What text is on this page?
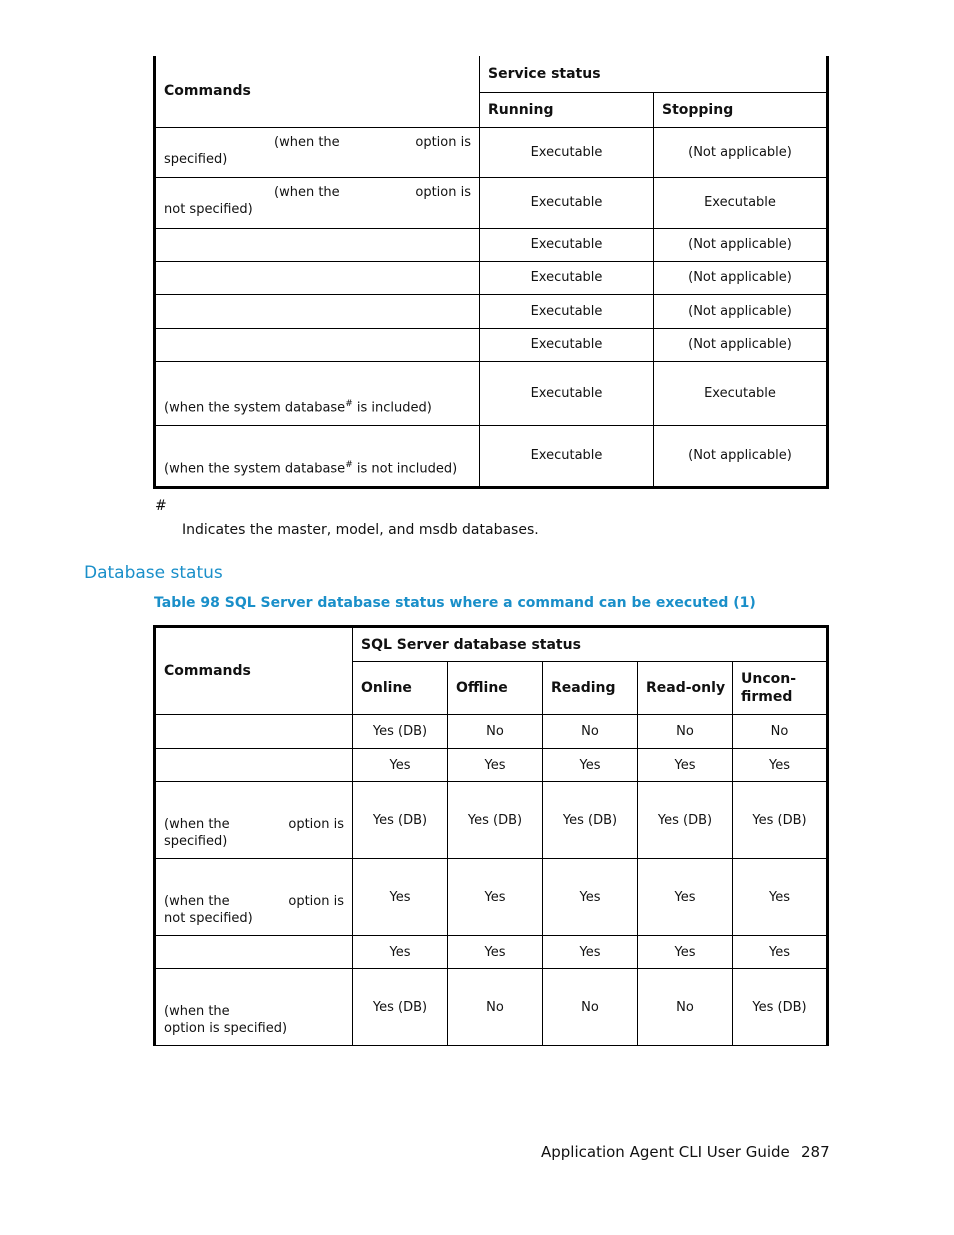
Commands	Service status	
	Running	Stopping

(when the option is
specified)	Executable	(Not applicable)

(when the option is
not specified)	Executable	Executable
	Executable	(Not applicable)
	Executable	(Not applicable)
	Executable	(Not applicable)
	Executable	(Not applicable)
(when the system database# is included)	Executable	Executable
(when the system database# is not included)	Executable	(Not applicable)
#
Indicates the master, model, and msdb databases.
Database status
Table 98 SQL Server database status where a command can be executed (1)
Commands	SQL Server database status				
	Online	Offline	Reading	Read-only	Uncon-
firmed

	Yes (DB)	No	No	No	No
	Yes	Yes	Yes	Yes	Yes

(when the option is
specified)	Yes (DB)	Yes (DB)	Yes (DB)	Yes (DB)	Yes (DB)

(when the option is
not specified)	Yes	Yes	Yes	Yes	Yes
	Yes	Yes	Yes	Yes	Yes

(when the
option is specified)	Yes (DB)	No	No	No	Yes (DB)
Application Agent CLI User Guide 287
